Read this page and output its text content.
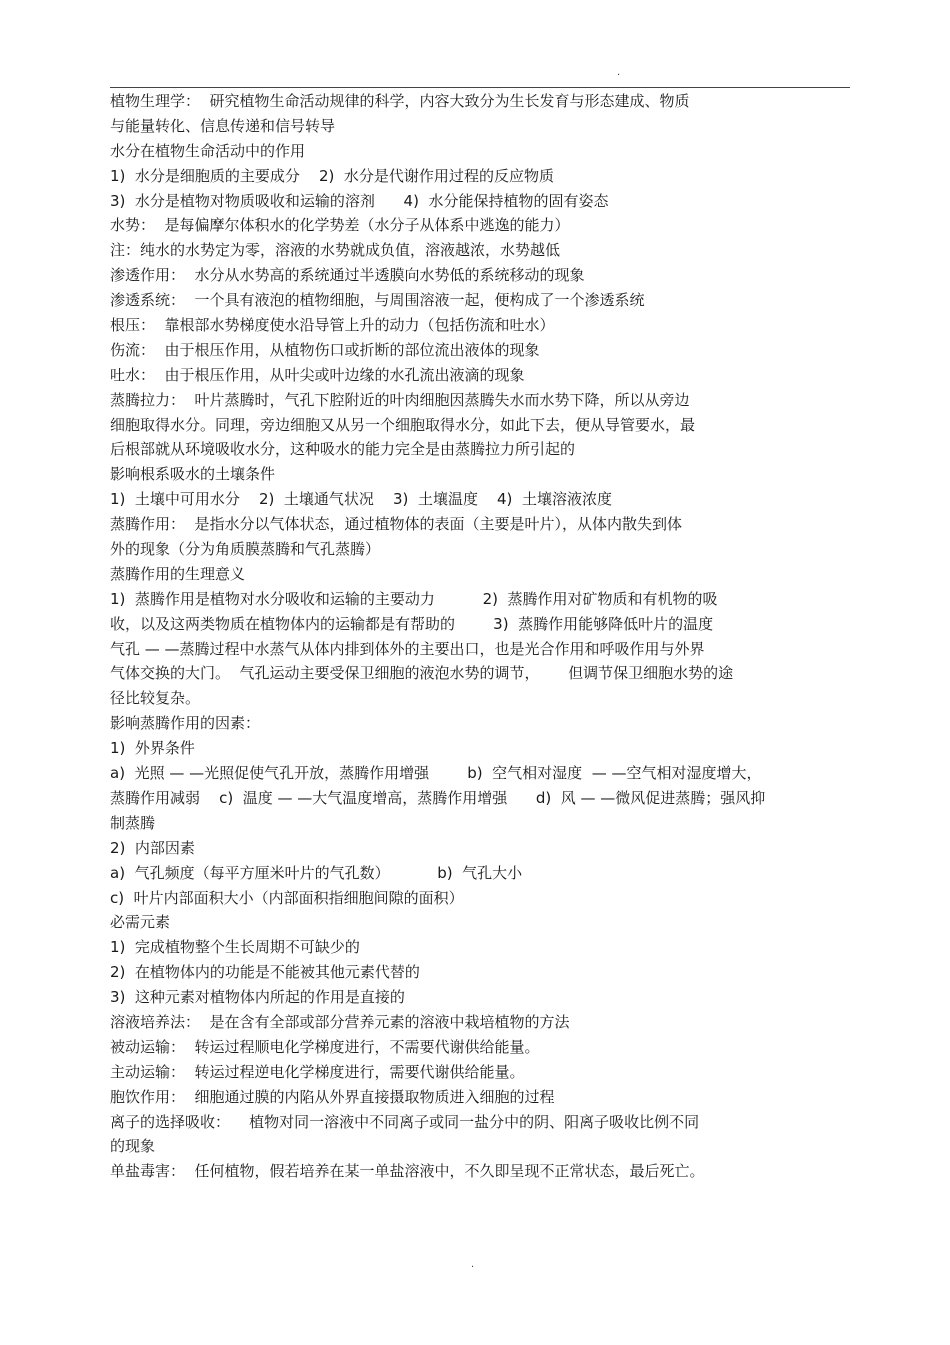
.
植物生理学：  研究植物生命活动规律的科学，内容大致分为生长发育与形态建成、物质
与能量转化、信息传递和信号转导
水分在植物生命活动中的作用
1)  水分是细胞质的主要成分    2)  水分是代谢作用过程的反应物质
3)  水分是植物对物质吸收和运输的溶剂      4)  水分能保持植物的固有姿态
水势：  是每偏摩尔体积水的化学势差（水分子从体系中逃逸的能力）
注：纯水的水势定为零，溶液的水势就成负值，溶液越浓，水势越低
渗透作用：  水分从水势高的系统通过半透膜向水势低的系统移动的现象
渗透系统：  一个具有液泡的植物细胞，与周围溶液一起，便构成了一个渗透系统
根压：  靠根部水势梯度使水沿导管上升的动力（包括伤流和吐水）
伤流：  由于根压作用，从植物伤口或折断的部位流出液体的现象
吐水：  由于根压作用，从叶尖或叶边缘的水孔流出液滴的现象
蒸腾拉力：  叶片蒸腾时，气孔下腔附近的叶肉细胞因蒸腾失水而水势下降，所以从旁边
细胞取得水分。同理，旁边细胞又从另一个细胞取得水分，如此下去，便从导管要水，最
后根部就从环境吸收水分，这种吸水的能力完全是由蒸腾拉力所引起的
影响根系吸水的土壤条件
1)  土壤中可用水分    2)  土壤通气状况    3)  土壤温度    4)  土壤溶液浓度
蒸腾作用：  是指水分以气体状态，通过植物体的表面（主要是叶片），从体内散失到体
外的现象（分为角质膜蒸腾和气孔蒸腾）
蒸腾作用的生理意义
1)  蒸腾作用是植物对水分吸收和运输的主要动力          2)  蒸腾作用对矿物质和有机物的吸
收，以及这两类物质在植物体内的运输都是有帮助的        3)  蒸腾作用能够降低叶片的温度
气孔 — —蒸腾过程中水蒸气从体内排到体外的主要出口，也是光合作用和呼吸作用与外界
气体交换的大门。  气孔运动主要受保卫细胞的液泡水势的调节，      但调节保卫细胞水势的途
径比较复杂。
影响蒸腾作用的因素：
1)  外界条件
a)  光照 — —光照促使气孔开放，蒸腾作用增强        b)  空气相对湿度  — —空气相对湿度增大，
蒸腾作用减弱    c)  温度 — —大气温度增高，蒸腾作用增强      d)  风 — —微风促进蒸腾；强风抑
制蒸腾
2)  内部因素
a)  气孔频度（每平方厘米叶片的气孔数）          b)  气孔大小
c)  叶片内部面积大小（内部面积指细胞间隙的面积）
必需元素
1)  完成植物整个生长周期不可缺少的
2)  在植物体内的功能是不能被其他元素代替的
3)  这种元素对植物体内所起的作用是直接的
溶液培养法：  是在含有全部或部分营养元素的溶液中栽培植物的方法
被动运输：  转运过程顺电化学梯度进行，不需要代谢供给能量。
主动运输：  转运过程逆电化学梯度进行，需要代谢供给能量。
胞饮作用：  细胞通过膜的内陷从外界直接摄取物质进入细胞的过程
离子的选择吸收：    植物对同一溶液中不同离子或同一盐分中的阴、阳离子吸收比例不同
的现象
单盐毒害：  任何植物，假若培养在某一单盐溶液中，不久即呈现不正常状态，最后死亡。
.
